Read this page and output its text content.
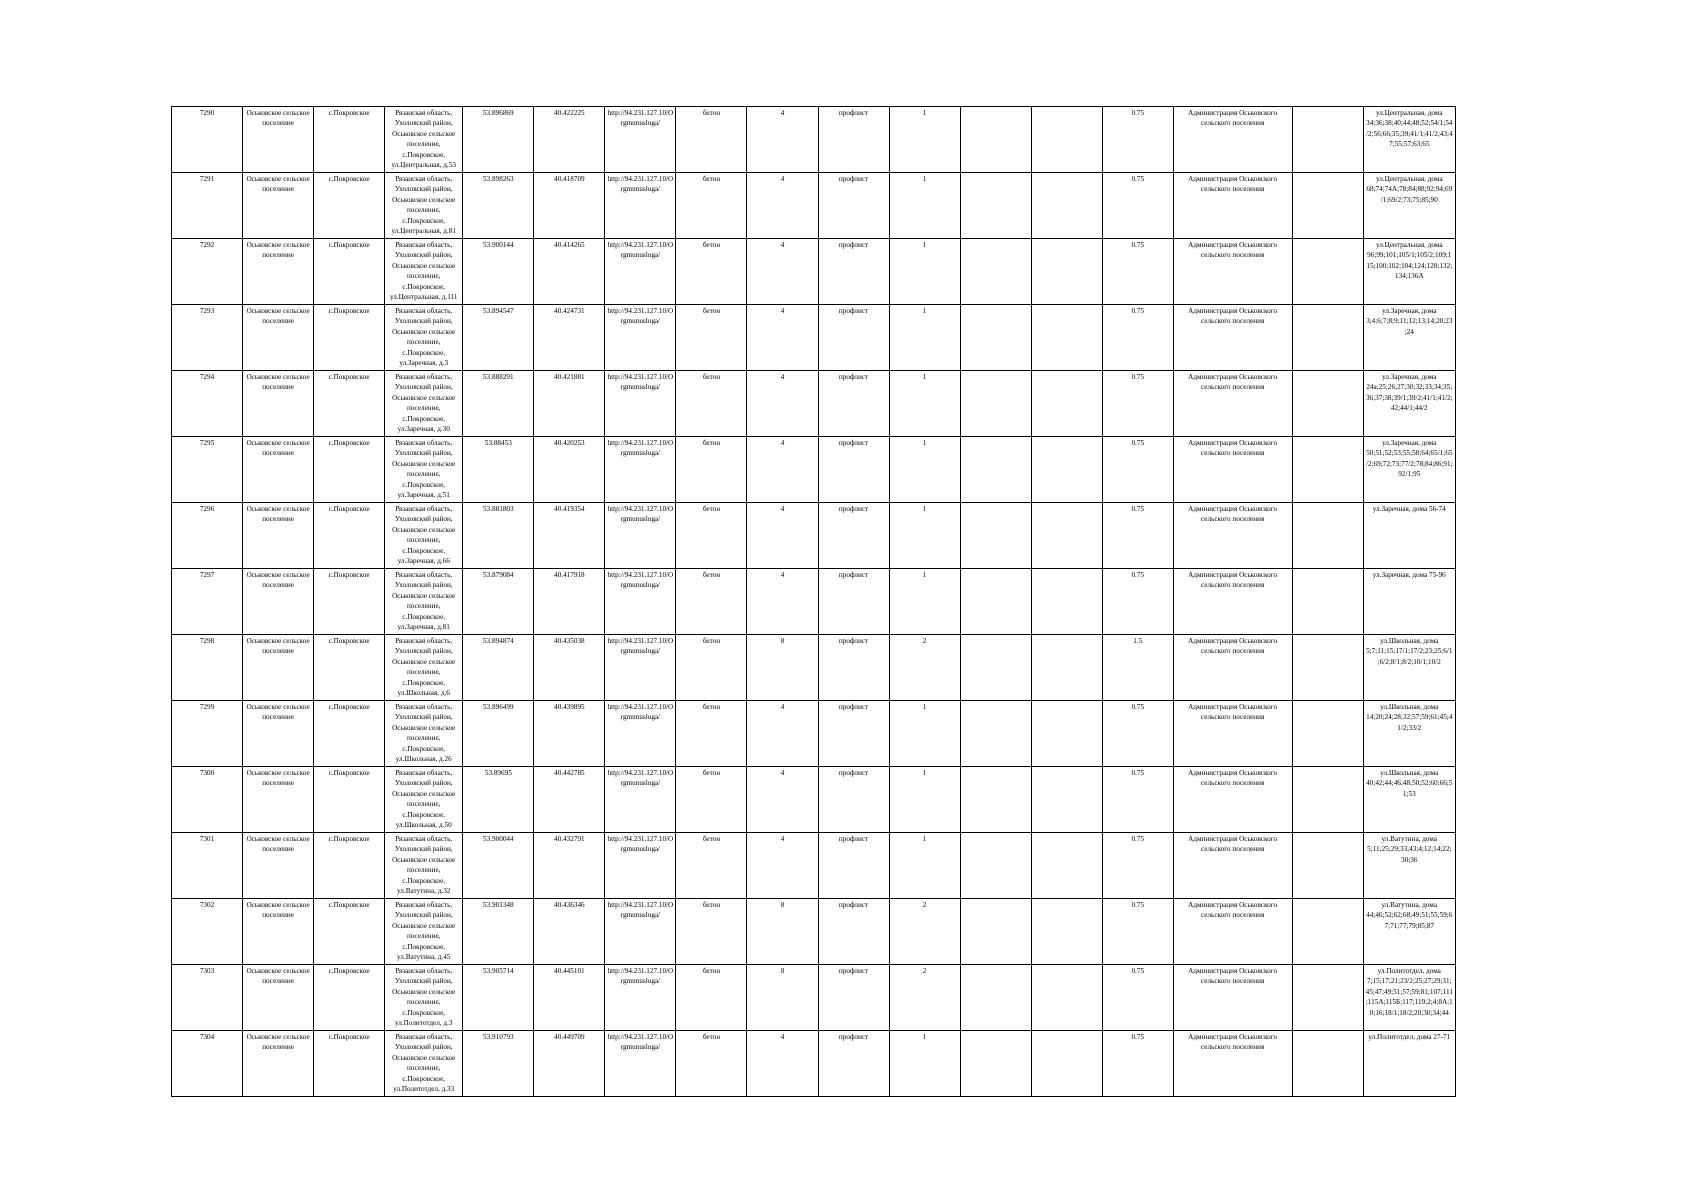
7290	Оськовское сельское поселение	с.Покровское	Рязанская область, Ухоловский район, Оськовское сельское поселение, с.Покровское, ул.Центральная, д.53	53.896869	40.422225	http://94.231.127.10/Orgmunusluga/	бетон	4	профлист	1			0.75	Администрация Оськовского сельского поселения		ул.Центральная, дома 34;36;38;40;44;48;52;54/1;54/2;56;66;35;39;41/1;41/2;43;47;55;57;63;65
7291	Оськовское сельское поселение	с.Покровское	Рязанская область, Ухоловский район, Оськовское сельское поселение, с.Покровское, ул.Центральная, д.81	53.898263	40.418709	http://94.231.127.10/Orgmunusluga/	бетон	4	профлист	1			0.75	Администрация Оськовского сельского поселения		ул.Центральная, дома 68;74;74А;78;84;88;92;94;69/1;69/2;73;75;85;90
7292	Оськовское сельское поселение	с.Покровское	Рязанская область, Ухоловский район, Оськовское сельское поселение, с.Покровское, ул.Центральная, д.111	53.900144	40.414265	http://94.231.127.10/Orgmunusluga/	бетон	4	профлист	1			0.75	Администрация Оськовского сельского поселения		ул.Центральная, дома 96;99;101;105/1;105/2;109;115;100;102;104;124;128;132;134;136А
7293	Оськовское сельское поселение	с.Покровское	Рязанская область, Ухоловский район, Оськовское сельское поселение, с.Покровское, ул.Заречная, д.3	53.894547	40.424731	http://94.231.127.10/Orgmunusluga/	бетон	4	профлист	1			0.75	Администрация Оськовского сельского поселения		ул.Заречная, дома 3;4;6;7;8;9;11;12;13;14;20;23;24
7294	Оськовское сельское поселение	с.Покровское	Рязанская область, Ухоловский район, Оськовское сельское поселение, с.Покровское, ул.Заречная, д.30	53.888291	40.421881	http://94.231.127.10/Orgmunusluga/	бетон	4	профлист	1			0.75	Администрация Оськовского сельского поселения		ул.Заречная, дома 24а;25;26;27;30;32;33;34;35;36;37;38;39/1;39/2;41/1;41/2;42;44/1;44/2
7295	Оськовское сельское поселение	с.Покровское	Рязанская область, Ухоловский район, Оськовское сельское поселение, с.Покровское, ул.Заречная, д.51	53.88453	40.420253	http://94.231.127.10/Orgmunusluga/	бетон	4	профлист	1			0.75	Администрация Оськовского сельского поселения		ул.Заречная, дома 50;51;52;53;55;58;64;65/1;65/2;69;72;73;77/2;78;84;86;91;92/1;95
7296	Оськовское сельское поселение	с.Покровское	Рязанская область, Ухоловский район, Оськовское сельское поселение, с.Покровское, ул.Заречная, д.66	53.881803	40.419354	http://94.231.127.10/Orgmunusluga/	бетон	4	профлист	1			0.75	Администрация Оськовского сельского поселения		ул.Заречная, дома 56-74
7297	Оськовское сельское поселение	с.Покровское	Рязанская область, Ухоловский район, Оськовское сельское поселение, с.Покровское, ул.Заречная, д.81	53.879084	40.417918	http://94.231.127.10/Orgmunusluga/	бетон	4	профлист	1			0.75	Администрация Оськовского сельского поселения		ул.Заречная, дома 75-96
7298	Оськовское сельское поселение	с.Покровское	Рязанская область, Ухоловский район, Оськовское сельское поселение, с.Покровское, ул.Школьная, д.6	53.894874	40.435038	http://94.231.127.10/Orgmunusluga/	бетон	8	профлист	2			1.5	Администрация Оськовского сельского поселения		ул.Школьная, дома 5;7;11;15;17/1;17/2;23;25;6/1;6/2;8/1;8/2;10/1;10/2
7299	Оськовское сельское поселение	с.Покровское	Рязанская область, Ухоловский район, Оськовское сельское поселение, с.Покровское, ул.Школьная, д.26	53.896499	40.439895	http://94.231.127.10/Orgmunusluga/	бетон	4	профлист	1			0.75	Администрация Оськовского сельского поселения		ул.Школьная, дома 14;20;24;28;32;57;59;61;45;41/2;33/2
7300	Оськовское сельское поселение	с.Покровское	Рязанская область, Ухоловский район, Оськовское сельское поселение, с.Покровское, ул.Школьная, д.50	53.89695	40.442785	http://94.231.127.10/Orgmunusluga/	бетон	4	профлист	1			0.75	Администрация Оськовского сельского поселения		ул.Школьная, дома 40;42;44;46;48;50;52;60;66;51;53
7301	Оськовское сельское поселение	с.Покровское	Рязанская область, Ухоловский район, Оськовское сельское поселение, с.Покровское, ул.Ватутина, д.32	53.900044	40.432791	http://94.231.127.10/Orgmunusluga/	бетон	4	профлист	1			0.75	Администрация Оськовского сельского поселения		ул.Ватутина, дома 5;11;25;29;33;43;4;12;14;22;30;36
7302	Оськовское сельское поселение	с.Покровское	Рязанская область, Ухоловский район, Оськовское сельское поселение, с.Покровское, ул.Ватутина, д.45	53.901348	40.436346	http://94.231.127.10/Orgmunusluga/	бетон	8	профлист	2			0.75	Администрация Оськовского сельского поселения		ул.Ватутина, дома 44;46;52;62;68;49;51;55;59;67;71;77;79;85;87
7303	Оськовское сельское поселение	с.Покровское	Рязанская область, Ухоловский район, Оськовское сельское поселение, с.Покровское, ул.Политотдел, д.3	53.905714	40.445101	http://94.231.127.10/Orgmunusluga/	бетон	8	профлист	2			0.75	Администрация Оськовского сельского поселения		ул.Политотдел, дома 7;15;17;21;23/2;25;27;29;31;45;47;49;51;57;59;81;107;111;115А;115Б;117;119;2;4;8А;10;16;18/1;18/2;20;30;34;44
7304	Оськовское сельское поселение	с.Покровское	Рязанская область, Ухоловский район, Оськовское сельское поселение, с.Покровское, ул.Политотдел, д.33	53.910793	40.449709	http://94.231.127.10/Orgmunusluga/	бетон	4	профлист	1			0.75	Администрация Оськовского сельского поселения		ул.Политотдел, дома 27-71
